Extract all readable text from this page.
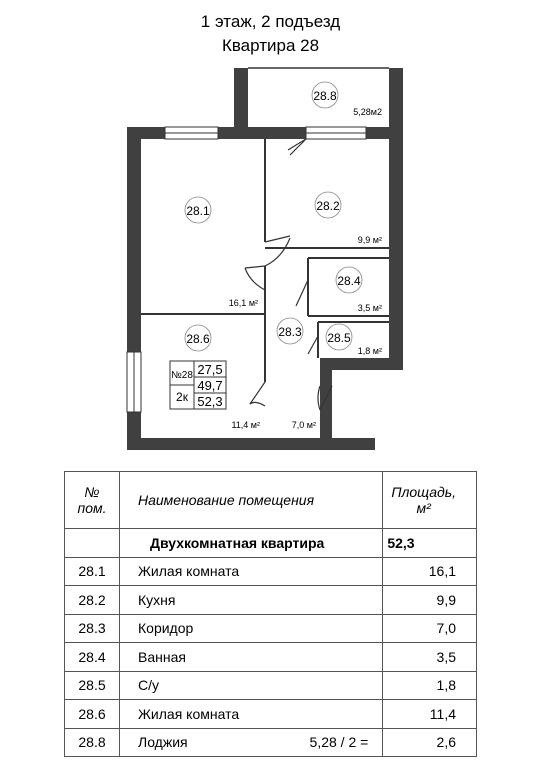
1 этаж, 2 подъезд
Квартира 28
28.1
16,1 м²
28.2
9,9 м²
28.3
7,0 м²
28.4
3,5 м²
28.5
1,8 м²
28.6
11,4 м²
28.8
5,28м2
№28
2к
27,5
49,7
52,3
№ пом.	Наименование помещения	Площадь, м²
	Двухкомнатная квартира	52,3
28.1	Жилая комната	16,1
28.2	Кухня	9,9
28.3	Коридор	7,0
28.4	Ванная	3,5
28.5	С/у	1,8
28.6	Жилая комната	11,4
28.8	Лоджия 5,28 / 2 =	2,6
